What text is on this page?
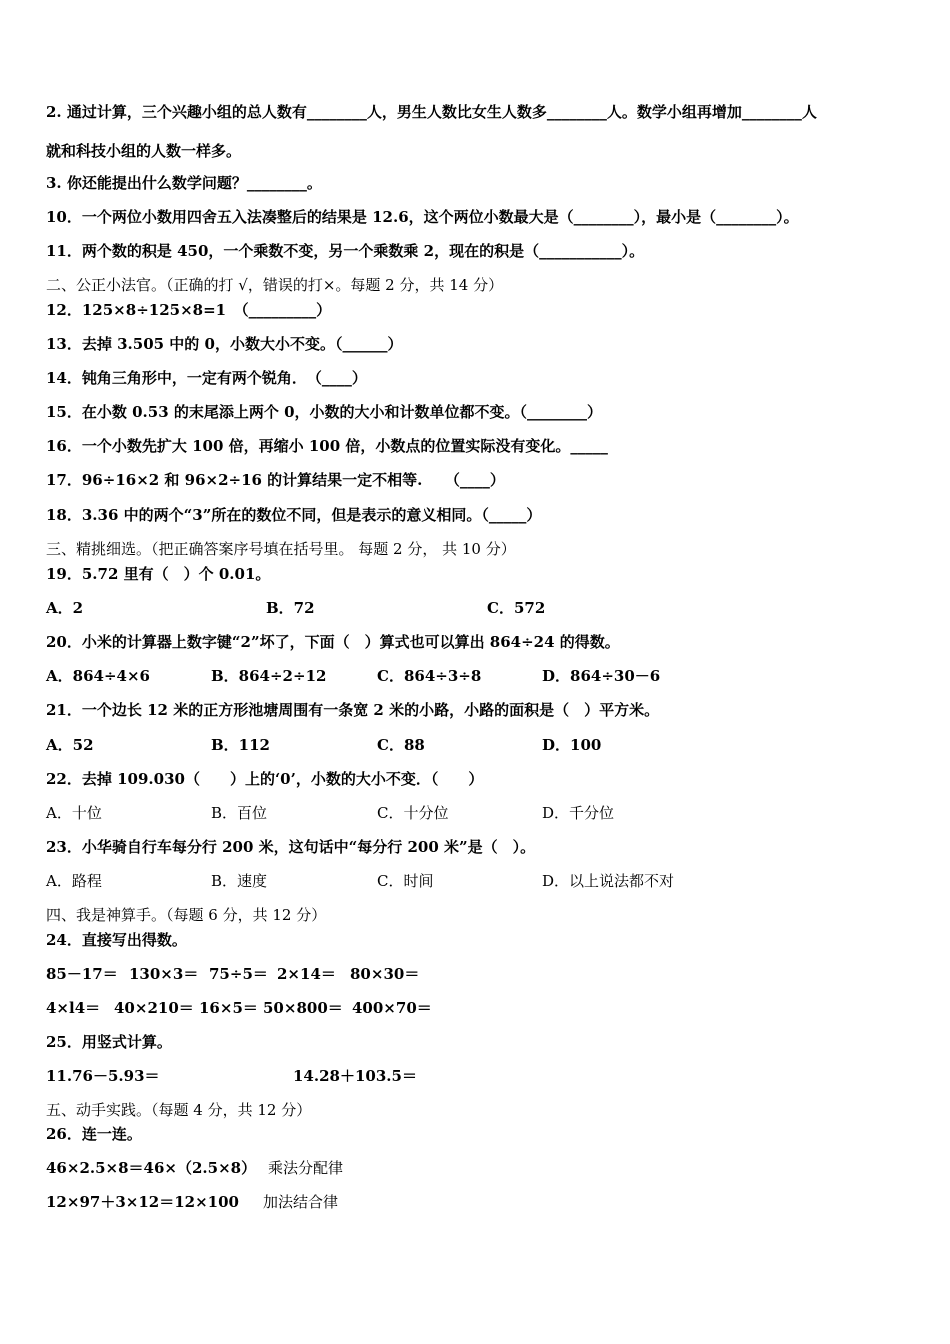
2. 通过计算，三个兴趣小组的总人数有________人，男生人数比女生人数多________人。数学小组再增加________人
就和科技小组的人数一样多。
3. 你还能提出什么数学问题？________。
10．一个两位小数用四舍五入法凑整后的结果是 12.6，这个两位小数最大是（________），最小是（________）。
11．两个数的积是 450，一个乘数不变，另一个乘数乘 2，现在的积是（___________）。
二、公正小法官。（正确的打 √，错误的打×。每题 2 分，共 14 分）
12．125×8÷125×8=1　（_________）
13．去掉 3.505 中的 0，小数大小不变。（______）
14．钝角三角形中，一定有两个锐角．　（____）
15．在小数 0.53 的末尾添上两个 0，小数的大小和计数单位都不变。（________）
16．一个小数先扩大 100 倍，再缩小 100 倍，小数点的位置实际没有变化。_____
17．96÷16×2 和 96×2÷16 的计算结果一定不相等.　　（____）
18．3.36 中的两个“3”所在的数位不同，但是表示的意义相同。（_____）
三、精挑细选。（把正确答案序号填在括号里。 每题 2 分， 共 10 分）
19．5.72 里有（　）个 0.01。
A．2	B．72	C．572
20．小米的计算器上数字键“2”坏了，下面（　）算式也可以算出 864÷24 的得数。
A．864÷4×6	B．864÷2÷12	C．864÷3÷8	D．864÷30－6
21．一个边长 12 米的正方形池塘周围有一条宽 2 米的小路，小路的面积是（　）平方米。
A．52	B．112	C．88	D．100
22．去掉 109.030（　　）上的‘0’，小数的大小不变．（　　）
A．十位	B．百位	C．十分位	D．千分位
23．小华骑自行车每分行 200 米，这句话中“每分行 200 米”是（　）。
A．路程	B．速度	C．时间	D．以上说法都不对
四、我是神算手。（每题 6 分，共 12 分）
24．直接写出得数。
85－17＝ 130×3＝ 75÷5＝ 2×14＝ 80×30＝
4×l4＝ 40×210＝ 16×5＝ 50×800＝ 400×70＝
25．用竖式计算。
11.76－5.93＝	14.28＋103.5＝
五、动手实践。（每题 4 分，共 12 分）
26．连一连。
46×2.5×8＝46×（2.5×8） 乘法分配律
12×97＋3×12＝12×100 加法结合律
